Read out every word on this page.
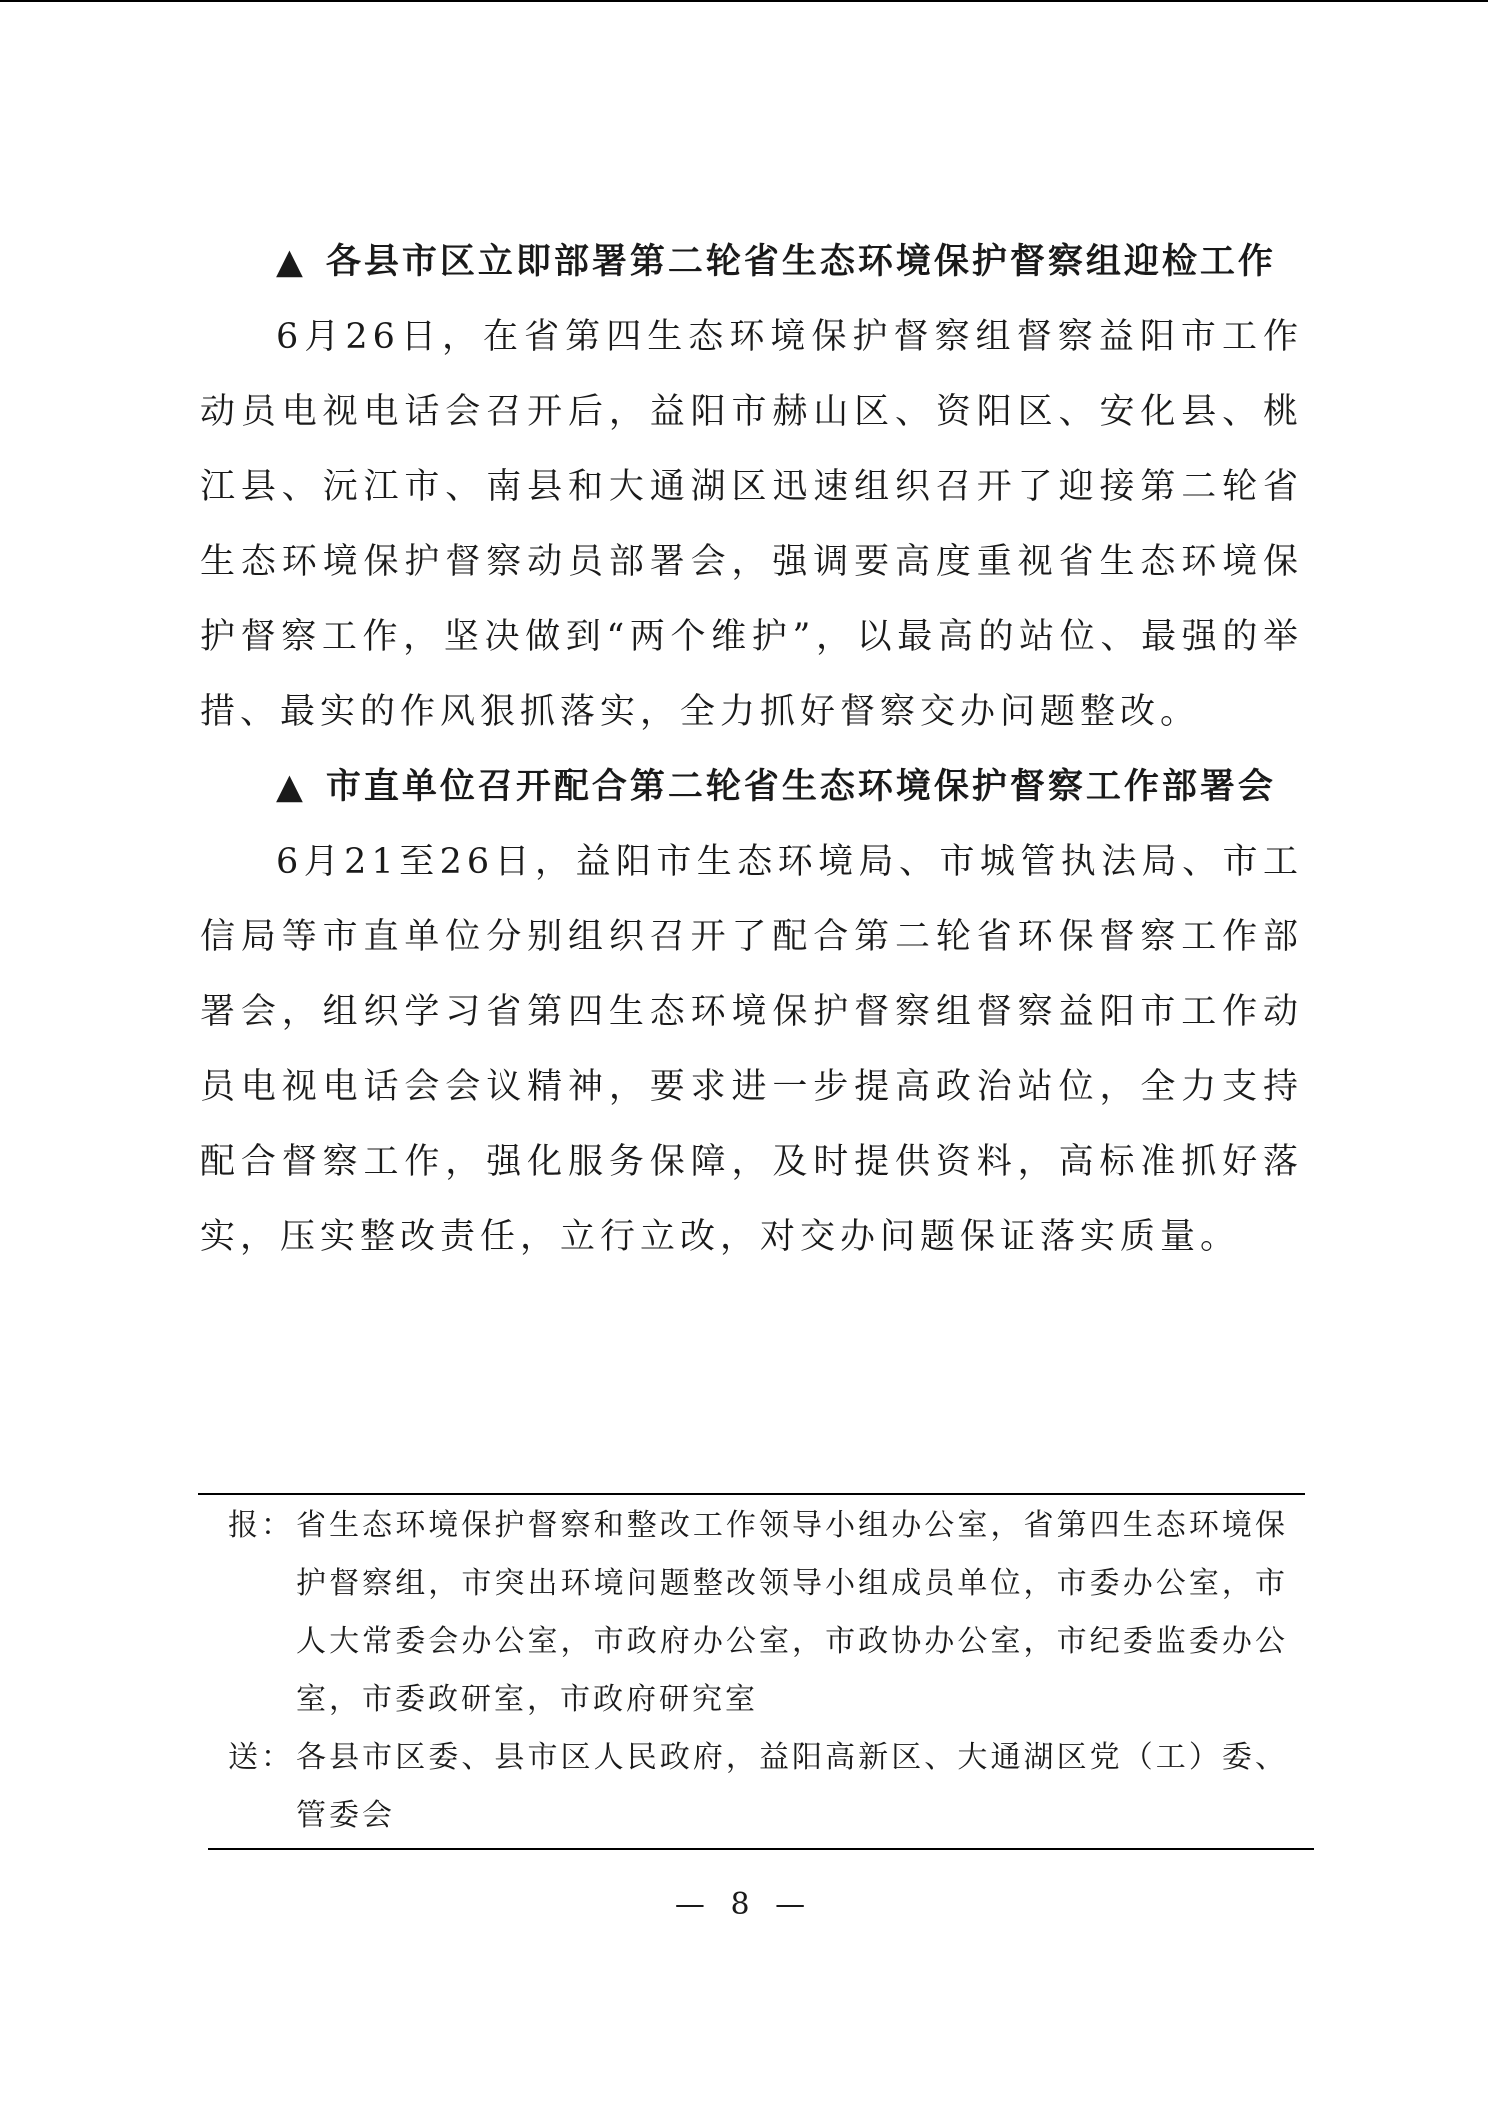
▲ 各县市区立即部署第二轮省生态环境保护督察组迎检工作

6月26日，在省第四生态环境保护督察组督察益阳市工作动员电视电话会召开后，益阳市赫山区、资阳区、安化县、桃江县、沅江市、南县和大通湖区迅速组织召开了迎接第二轮省生态环境保护督察动员部署会，强调要高度重视省生态环境保护督察工作，坚决做到“两个维护”，以最高的站位、最强的举措、最实的作风狠抓落实，全力抓好督察交办问题整改。

▲ 市直单位召开配合第二轮省生态环境保护督察工作部署会

6月21至26日，益阳市生态环境局、市城管执法局、市工信局等市直单位分别组织召开了配合第二轮省环保督察工作部署会，组织学习省第四生态环境保护督察组督察益阳市工作动员电视电话会会议精神，要求进一步提高政治站位，全力支持配合督察工作，强化服务保障，及时提供资料，高标准抓好落实，压实整改责任，立行立改，对交办问题保证落实质量。

报： 省生态环境保护督察和整改工作领导小组办公室，省第四生态环境保护督察组，市突出环境问题整改领导小组成员单位，市委办公室，市人大常委会办公室，市政府办公室，市政协办公室，市纪委监委办公室，市委政研室，市政府研究室
送： 各县市区委、县市区人民政府，益阳高新区、大通湖区党（工）委、管委会
— 8 —
